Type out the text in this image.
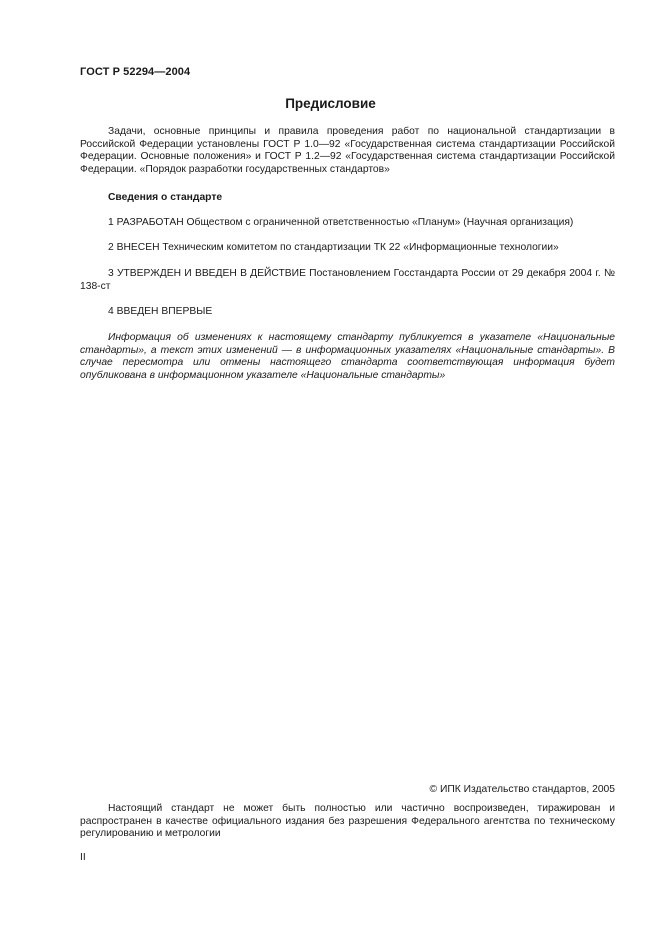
ГОСТ Р 52294—2004
Предисловие
Задачи, основные принципы и правила проведения работ по национальной стандартизации в Российской Федерации установлены ГОСТ Р 1.0—92 «Государственная система стандартизации Российской Федерации. Основные положения» и ГОСТ Р 1.2—92 «Государственная система стандартизации Российской Федерации. «Порядок разработки государственных стандартов»
Сведения о стандарте
1 РАЗРАБОТАН Обществом с ограниченной ответственностью «Планум» (Научная организация)
2 ВНЕСЕН Техническим комитетом по стандартизации ТК 22 «Информационные технологии»
3 УТВЕРЖДЕН И ВВЕДЕН В ДЕЙСТВИЕ Постановлением Госстандарта России от 29 декабря 2004 г. № 138-ст
4 ВВЕДЕН ВПЕРВЫЕ
Информация об изменениях к настоящему стандарту публикуется в указателе «Национальные стандарты», а текст этих изменений — в информационных указателях «Национальные стандарты». В случае пересмотра или отмены настоящего стандарта соответствующая информация будет опубликована в информационном указателе «Национальные стандарты»
© ИПК Издательство стандартов, 2005
Настоящий стандарт не может быть полностью или частично воспроизведен, тиражирован и распространен в качестве официального издания без разрешения Федерального агентства по техническому регулированию и метрологии
II
